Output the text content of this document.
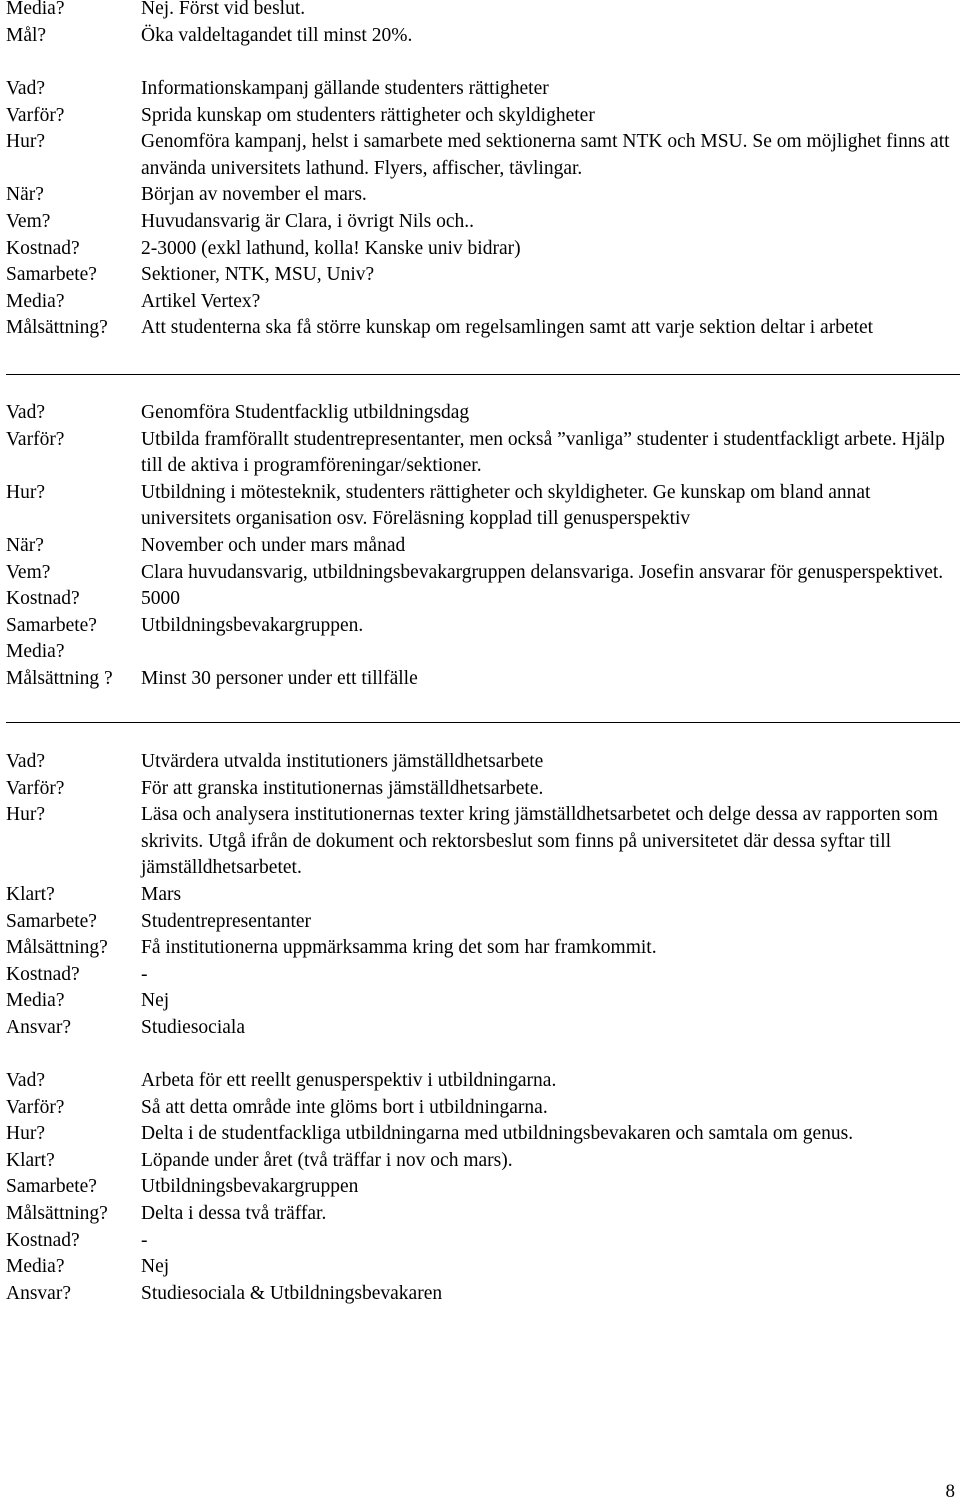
Media?	Nej. Först vid beslut.
Mål?	Öka valdeltagandet till minst 20%.
Vad?	Informationskampanj gällande studenters rättigheter
Varför?	Sprida kunskap om studenters rättigheter och skyldigheter
Hur?	Genomföra kampanj, helst i samarbete med sektionerna samt NTK och MSU. Se om möjlighet finns att använda universitets lathund. Flyers, affischer, tävlingar.
När?	Början av november el mars.
Vem?	Huvudansvarig är Clara, i övrigt Nils och..
Kostnad?	2-3000 (exkl lathund, kolla! Kanske univ bidrar)
Samarbete?	Sektioner, NTK, MSU, Univ?
Media?	Artikel Vertex?
Målsättning?	Att studenterna ska få större kunskap om regelsamlingen samt att varje sektion deltar i arbetet
Vad?	Genomföra Studentfacklig utbildningsdag
Varför?	Utbilda framförallt studentrepresentanter, men också ”vanliga” studenter i studentfackligt arbete. Hjälp till de aktiva i programföreningar/sektioner.
Hur?	Utbildning i mötesteknik, studenters rättigheter och skyldigheter. Ge kunskap om bland annat universitets organisation osv. Föreläsning kopplad till genusperspektiv
När?	November och under mars månad
Vem?	Clara huvudansvarig, utbildningsbevakargruppen delansvariga. Josefin ansvarar för genusperspektivet.
Kostnad?	5000
Samarbete?	Utbildningsbevakargruppen.
Media?
Målsättning ?	Minst 30 personer under ett tillfälle
Vad?	Utvärdera utvalda institutioners jämställdhetsarbete
Varför?	För att granska institutionernas jämställdhetsarbete.
Hur?	Läsa och analysera institutionernas texter kring jämställdhetsarbetet och delge dessa av rapporten som skrivits. Utgå ifrån de dokument och rektorsbeslut som finns på universitetet där dessa syftar till jämställdhetsarbetet.
Klart?	Mars
Samarbete?	Studentrepresentanter
Målsättning?	Få institutionerna uppmärksamma kring det som har framkommit.
Kostnad?	-
Media?	Nej
Ansvar?	Studiesociala
Vad?	Arbeta för ett reellt genusperspektiv i utbildningarna.
Varför?	Så att detta område inte glöms bort i utbildningarna.
Hur?	Delta i de studentfackliga utbildningarna med utbildningsbevakaren och samtala om genus.
Klart?	Löpande under året (två träffar i nov och mars).
Samarbete?	Utbildningsbevakargruppen
Målsättning?	Delta i dessa två träffar.
Kostnad?	-
Media?	Nej
Ansvar?	Studiesociala & Utbildningsbevakaren
8
